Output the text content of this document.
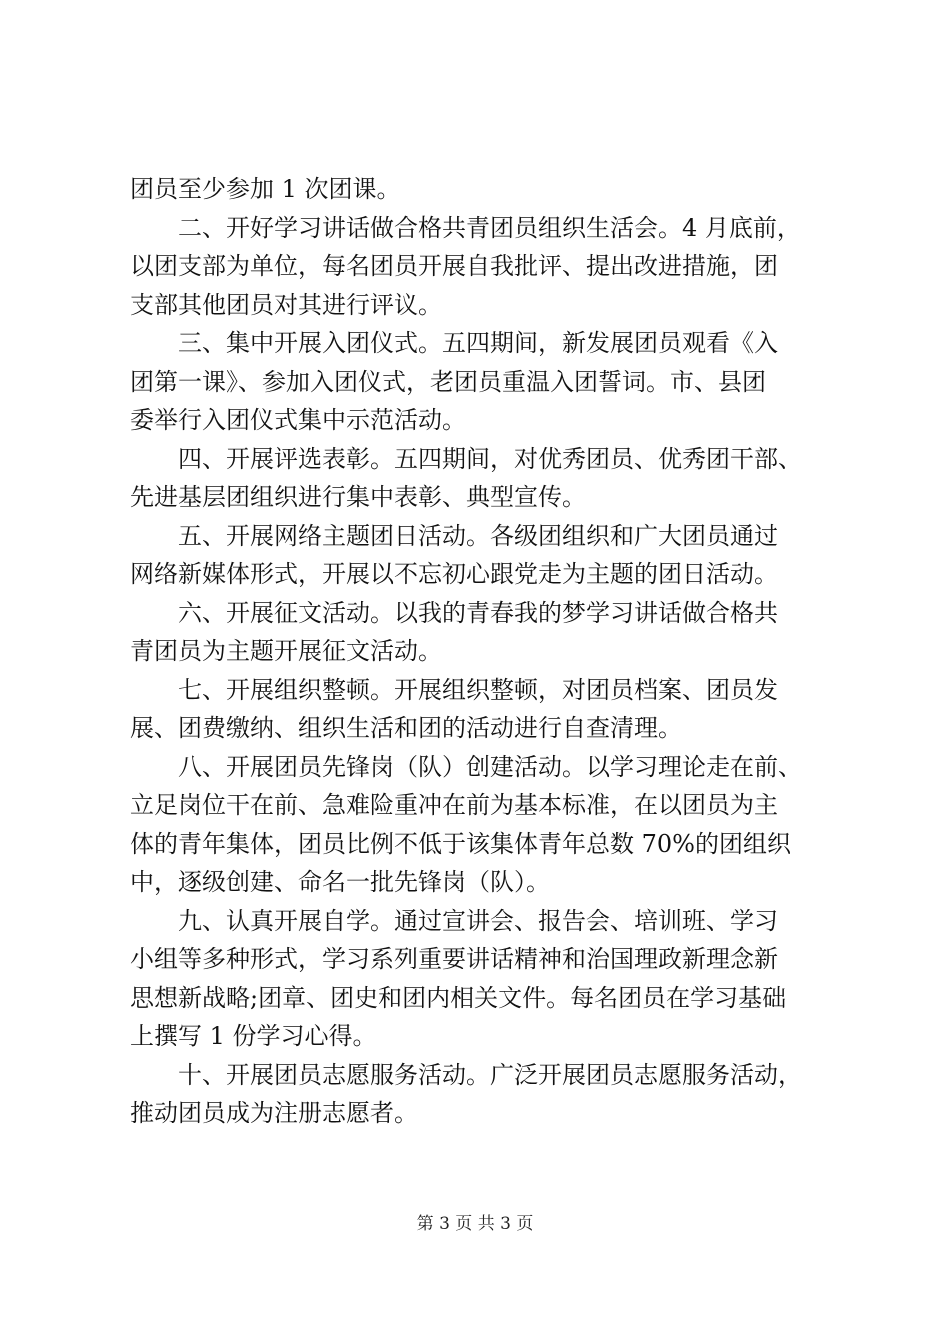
团员至少参加 1 次团课。
二、开好学习讲话做合格共青团员组织生活会。4 月底前，
以团支部为单位，每名团员开展自我批评、提出改进措施，团
支部其他团员对其进行评议。
三、集中开展入团仪式。五四期间，新发展团员观看《入
团第一课》、参加入团仪式，老团员重温入团誓词。市、县团
委举行入团仪式集中示范活动。
四、开展评选表彰。五四期间，对优秀团员、优秀团干部、
先进基层团组织进行集中表彰、典型宣传。
五、开展网络主题团日活动。各级团组织和广大团员通过
网络新媒体形式，开展以不忘初心跟党走为主题的团日活动。
六、开展征文活动。以我的青春我的梦学习讲话做合格共
青团员为主题开展征文活动。
七、开展组织整顿。开展组织整顿，对团员档案、团员发
展、团费缴纳、组织生活和团的活动进行自查清理。
八、开展团员先锋岗（队）创建活动。以学习理论走在前、
立足岗位干在前、急难险重冲在前为基本标准，在以团员为主
体的青年集体，团员比例不低于该集体青年总数 70%的团组织
中，逐级创建、命名一批先锋岗（队）。
九、认真开展自学。通过宣讲会、报告会、培训班、学习
小组等多种形式，学习系列重要讲话精神和治国理政新理念新
思想新战略;团章、团史和团内相关文件。每名团员在学习基础
上撰写 1 份学习心得。
十、开展团员志愿服务活动。广泛开展团员志愿服务活动，
推动团员成为注册志愿者。
第 3 页 共 3 页
